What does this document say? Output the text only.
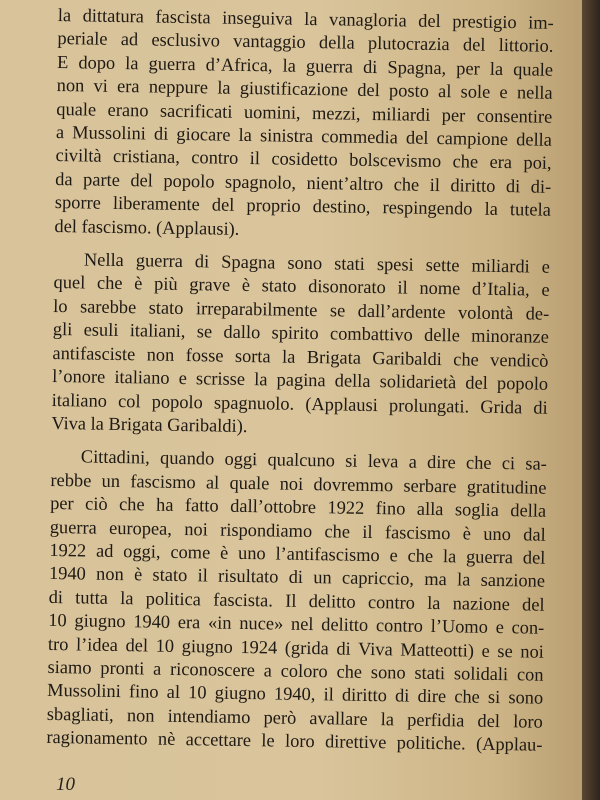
la dittatura fascista inseguiva la vanagloria del prestigio im-
periale ad esclusivo vantaggio della plutocrazia del littorio.
E dopo la guerra d’Africa, la guerra di Spagna, per la quale
non vi era neppure la giustificazione del posto al sole e nella
quale erano sacrificati uomini, mezzi, miliardi per consentire
a Mussolini di giocare la sinistra commedia del campione della
civiltà cristiana, contro il cosidetto bolscevismo che era poi,
da parte del popolo spagnolo, nient’altro che il diritto di di-
sporre liberamente del proprio destino, respingendo la tutela
del fascismo. (Applausi).
Nella guerra di Spagna sono stati spesi sette miliardi e
quel che è più grave è stato disonorato il nome d’Italia, e
lo sarebbe stato irreparabilmente se dall’ardente volontà de-
gli esuli italiani, se dallo spirito combattivo delle minoranze
antifasciste non fosse sorta la Brigata Garibaldi che vendicò
l’onore italiano e scrisse la pagina della solidarietà del popolo
italiano col popolo spagnuolo. (Applausi prolungati. Grida di
Viva la Brigata Garibaldi).
Cittadini, quando oggi qualcuno si leva a dire che ci sa-
rebbe un fascismo al quale noi dovremmo serbare gratitudine
per ciò che ha fatto dall’ottobre 1922 fino alla soglia della
guerra europea, noi rispondiamo che il fascismo è uno dal
1922 ad oggi, come è uno l’antifascismo e che la guerra del
1940 non è stato il risultato di un capriccio, ma la sanzione
di tutta la politica fascista. Il delitto contro la nazione del
10 giugno 1940 era «in nuce» nel delitto contro l’Uomo e con-
tro l’idea del 10 giugno 1924 (grida di Viva Matteotti) e se noi
siamo pronti a riconoscere a coloro che sono stati solidali con
Mussolini fino al 10 giugno 1940, il diritto di dire che si sono
sbagliati, non intendiamo però avallare la perfidia del loro
ragionamento nè accettare le loro direttive politiche. (Applau-
10
